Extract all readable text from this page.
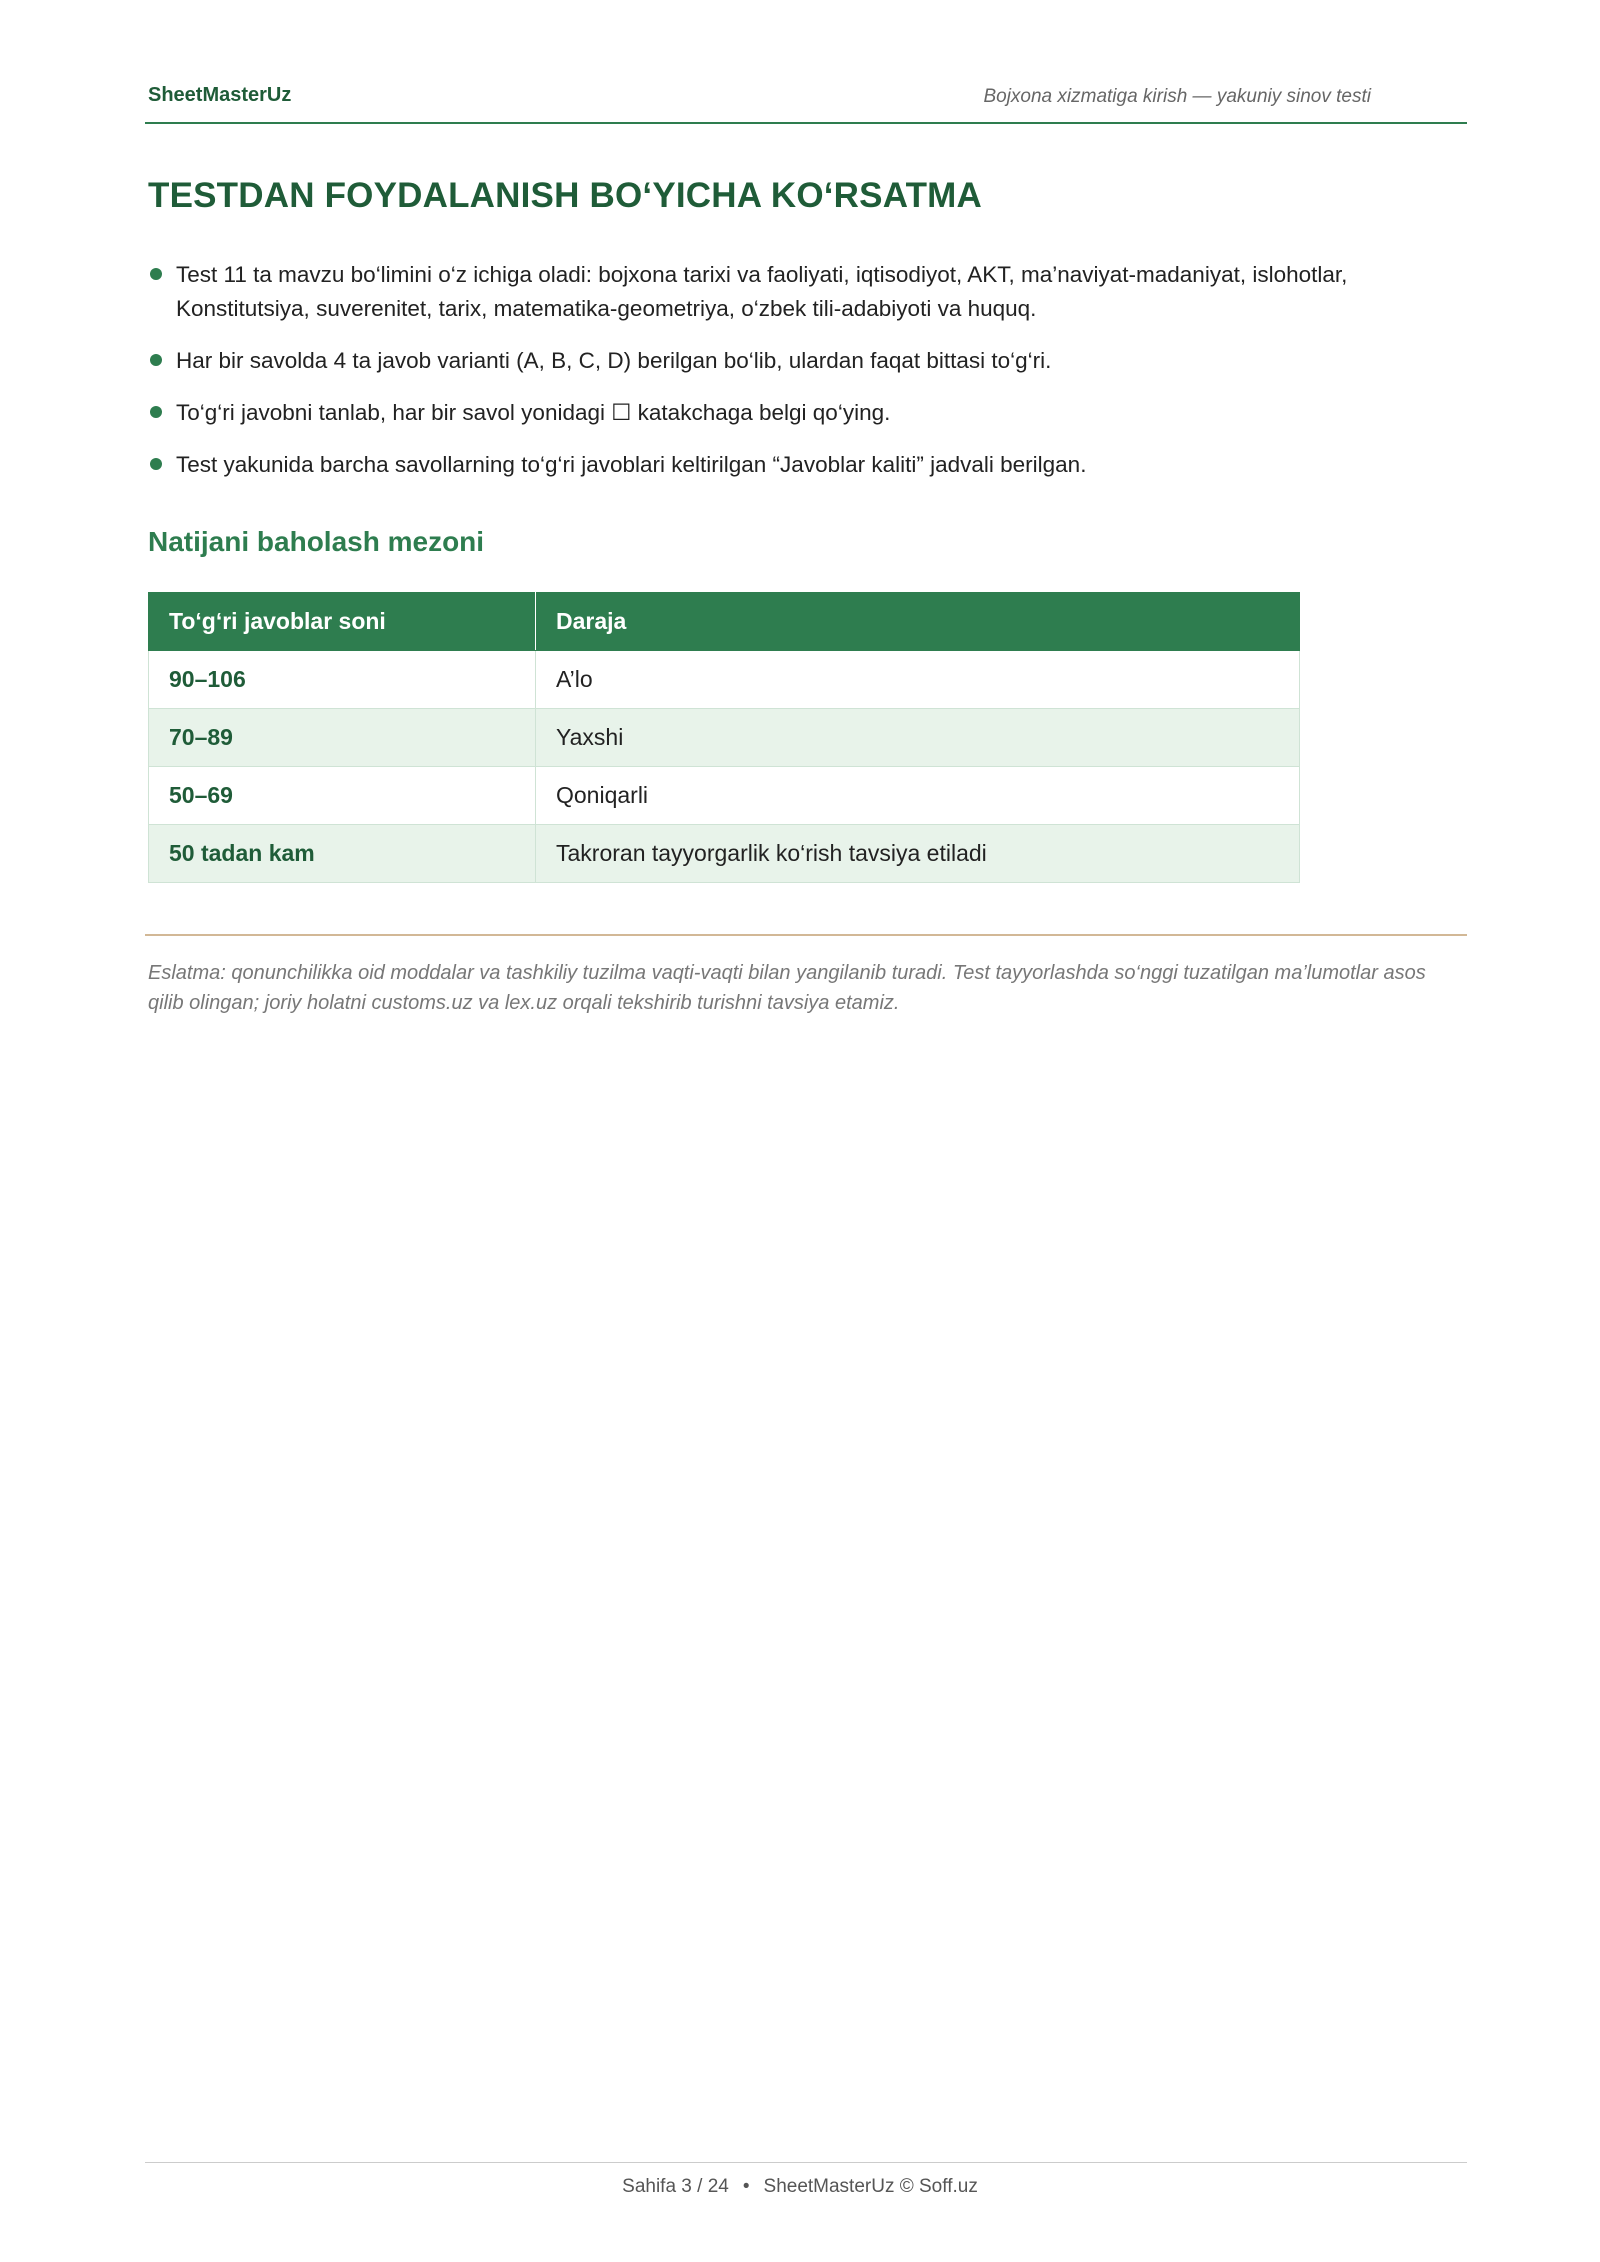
SheetMasterUz	Bojxona xizmatiga kirish — yakuniy sinov testi
TESTDAN FOYDALANISH BO‘YICHA KO‘RSATMA
Test 11 ta mavzu bo‘limini o‘z ichiga oladi: bojxona tarixi va faoliyati, iqtisodiyot, AKT, ma’naviyat-madaniyat, islohotlar, Konstitutsiya, suverenitet, tarix, matematika-geometriya, o‘zbek tili-adabiyoti va huquq.
Har bir savolda 4 ta javob varianti (A, B, C, D) berilgan bo‘lib, ulardan faqat bittasi to‘g‘ri.
To‘g‘ri javobni tanlab, har bir savol yonidagi ☐ katakchaga belgi qo‘ying.
Test yakunida barcha savollarning to‘g‘ri javoblari keltirilgan “Javoblar kaliti” jadvali berilgan.
Natijani baholash mezoni
To‘g‘ri javoblar soni	Daraja
90–106	A’lo
70–89	Yaxshi
50–69	Qoniqarli
50 tadan kam	Takroran tayyorgarlik ko‘rish tavsiya etiladi

Eslatma: qonunchilikka oid moddalar va tashkiliy tuzilma vaqti-vaqti bilan yangilanib turadi. Test tayyorlashda so‘nggi tuzatilgan ma’lumotlar asos qilib olingan; joriy holatni customs.uz va lex.uz orqali tekshirib turishni tavsiya etamiz.

Sahifa 3 / 24 • SheetMasterUz © Soff.uz
